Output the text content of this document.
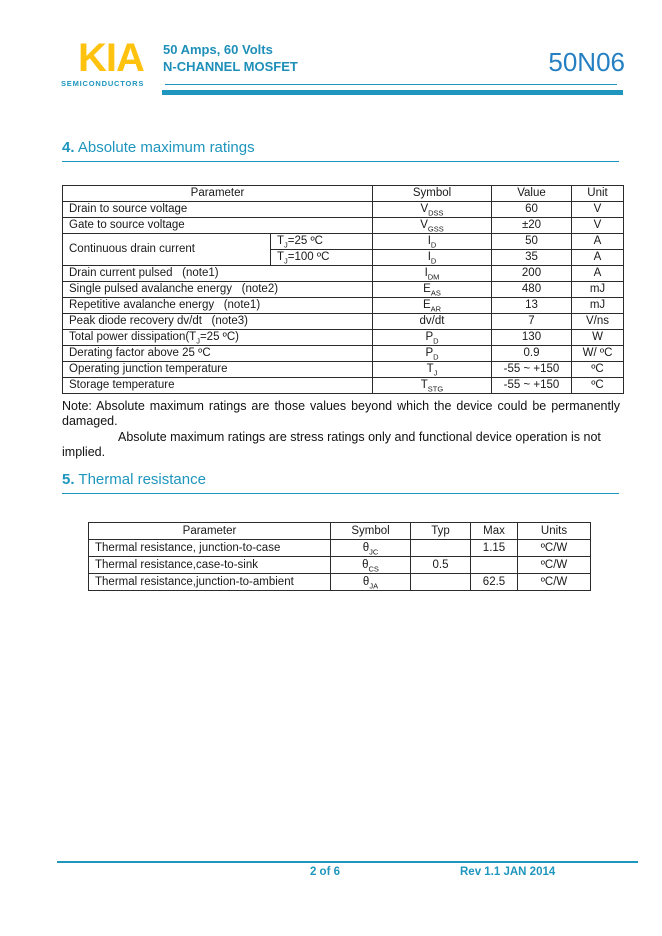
KIA
SEMICONDUCTORS
50 Amps, 60 Volts
N-CHANNEL MOSFET	50N06
4. Absolute maximum ratings
Parameter		Symbol	Value	Unit
Drain to source voltage		$V_{DSS}$	60	V
Gate to source voltage		$V_{GSS}$	±20	V
Continuous drain current	$T_J=25$ ºC	$I_D$	50	A
	$T_J=100$ ºC	$I_D$	35	A
Drain current pulsed   (note1)		$I_{DM}$	200	A
Single pulsed avalanche energy   (note2)		$E_{AS}$	480	mJ
Repetitive avalanche energy   (note1)		$E_{AR}$	13	mJ
Peak diode recovery dv/dt   (note3)		dv/dt	7	V/ns
Total power $dissipation(T_J=25$ ºC)		$P_D$	130	W
Derating factor above 25 ºC		$P_D$	0.9	W/ ºC
Operating junction temperature		$T_J$	-55 ~ +150	ºC
Storage temperature		$T_{STG}$	-55 ~ +150	ºC

Note: Absolute maximum ratings are those values beyond which the device could be permanently damaged.

Absolute maximum ratings are stress ratings only and functional device operation is not implied.

5. Thermal resistance
Parameter	Symbol	Typ	Max	Units
Thermal resistance, junction-to-case	$\theta_{JC}$		1.15	ºC/W
Thermal resistance,case-to-sink	$\theta_{CS}$	0.5		ºC/W
Thermal resistance,junction-to-ambient	$\theta_{JA}$		62.5	ºC/W
2 of 6	Rev 1.1 JAN 2014
